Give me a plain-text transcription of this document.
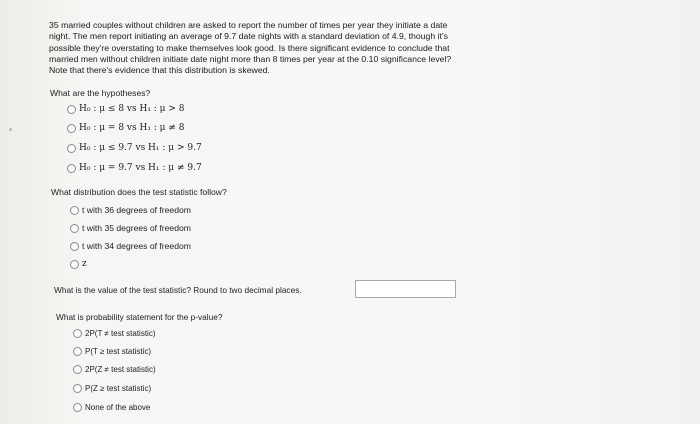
35 married couples without children are asked to report the number of times per year they initiate a date

night. The men report initiating an average of 9.7 date nights with a standard deviation of 4.9, though it's

possible they're overstating to make themselves look good. Is there significant evidence to conclude that

married men without children initiate date night more than 8 times per year at the 0.10 significance level?

Note that there's evidence that this distribution is skewed.

What are the hypotheses?
H₀ : μ ≤ 8 vs H₁ : μ > 8
H₀ : μ = 8 vs H₁ : μ ≠ 8
H₀ : μ ≤ 9.7 vs H₁ : μ > 9.7
H₀ : μ = 9.7 vs H₁ : μ ≠ 9.7
What distribution does the test statistic follow?
t with 36 degrees of freedom
t with 35 degrees of freedom
t with 34 degrees of freedom
z
What is the value of the test statistic? Round to two decimal places.
What is probability statement for the p-value?
2P(T ≠ test statistic)
P(T ≥ test statistic)
2P(Z ≠ test statistic)
P(Z ≥ test statistic)
None of the above
